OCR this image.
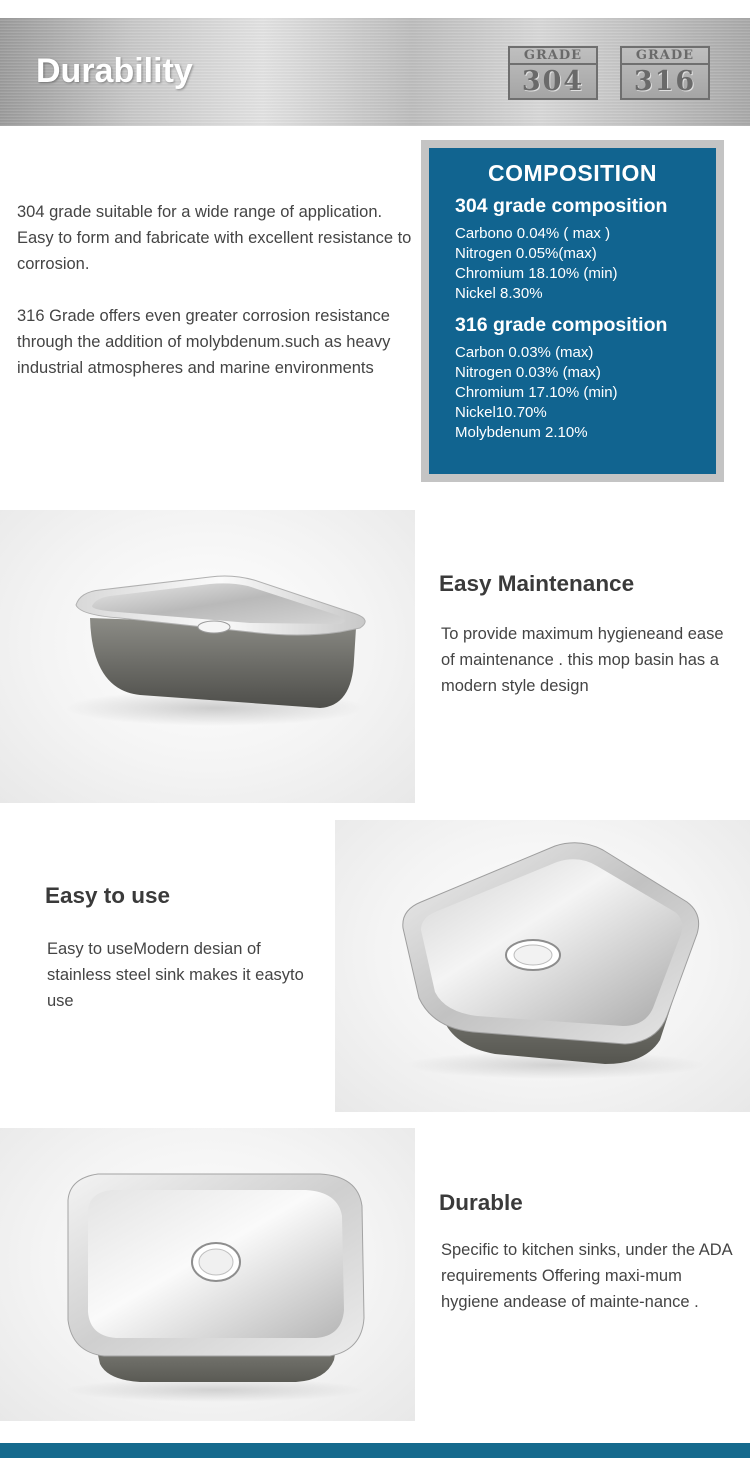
Durability	GRADE
304
GRADE
316

304 grade suitable for a wide range of application. Easy to form and fabricate with excellent resistance to corrosion.

316 Grade offers even greater corrosion resistance through the addition of molybdenum.such as heavy industrial atmospheres and marine environments

COMPOSITION
304 grade composition
Carbono 0.04% ( max )
Nitrogen 0.05%(max)
Chromium 18.10% (min)
Nickel 8.30%
316 grade composition
Carbon 0.03% (max)
Nitrogen 0.03% (max)
Chromium 17.10% (min)
Nickel10.70%
Molybdenum 2.10%
Easy Maintenance
To provide maximum hygieneand ease of maintenance . this mop basin has a modern style design
Easy to use
Easy to useModern desian of stainless steel sink makes it easyto use
Durable
Specific to kitchen sinks, under the ADA requirements Offering maxi-mum hygiene andease of mainte-nance .
